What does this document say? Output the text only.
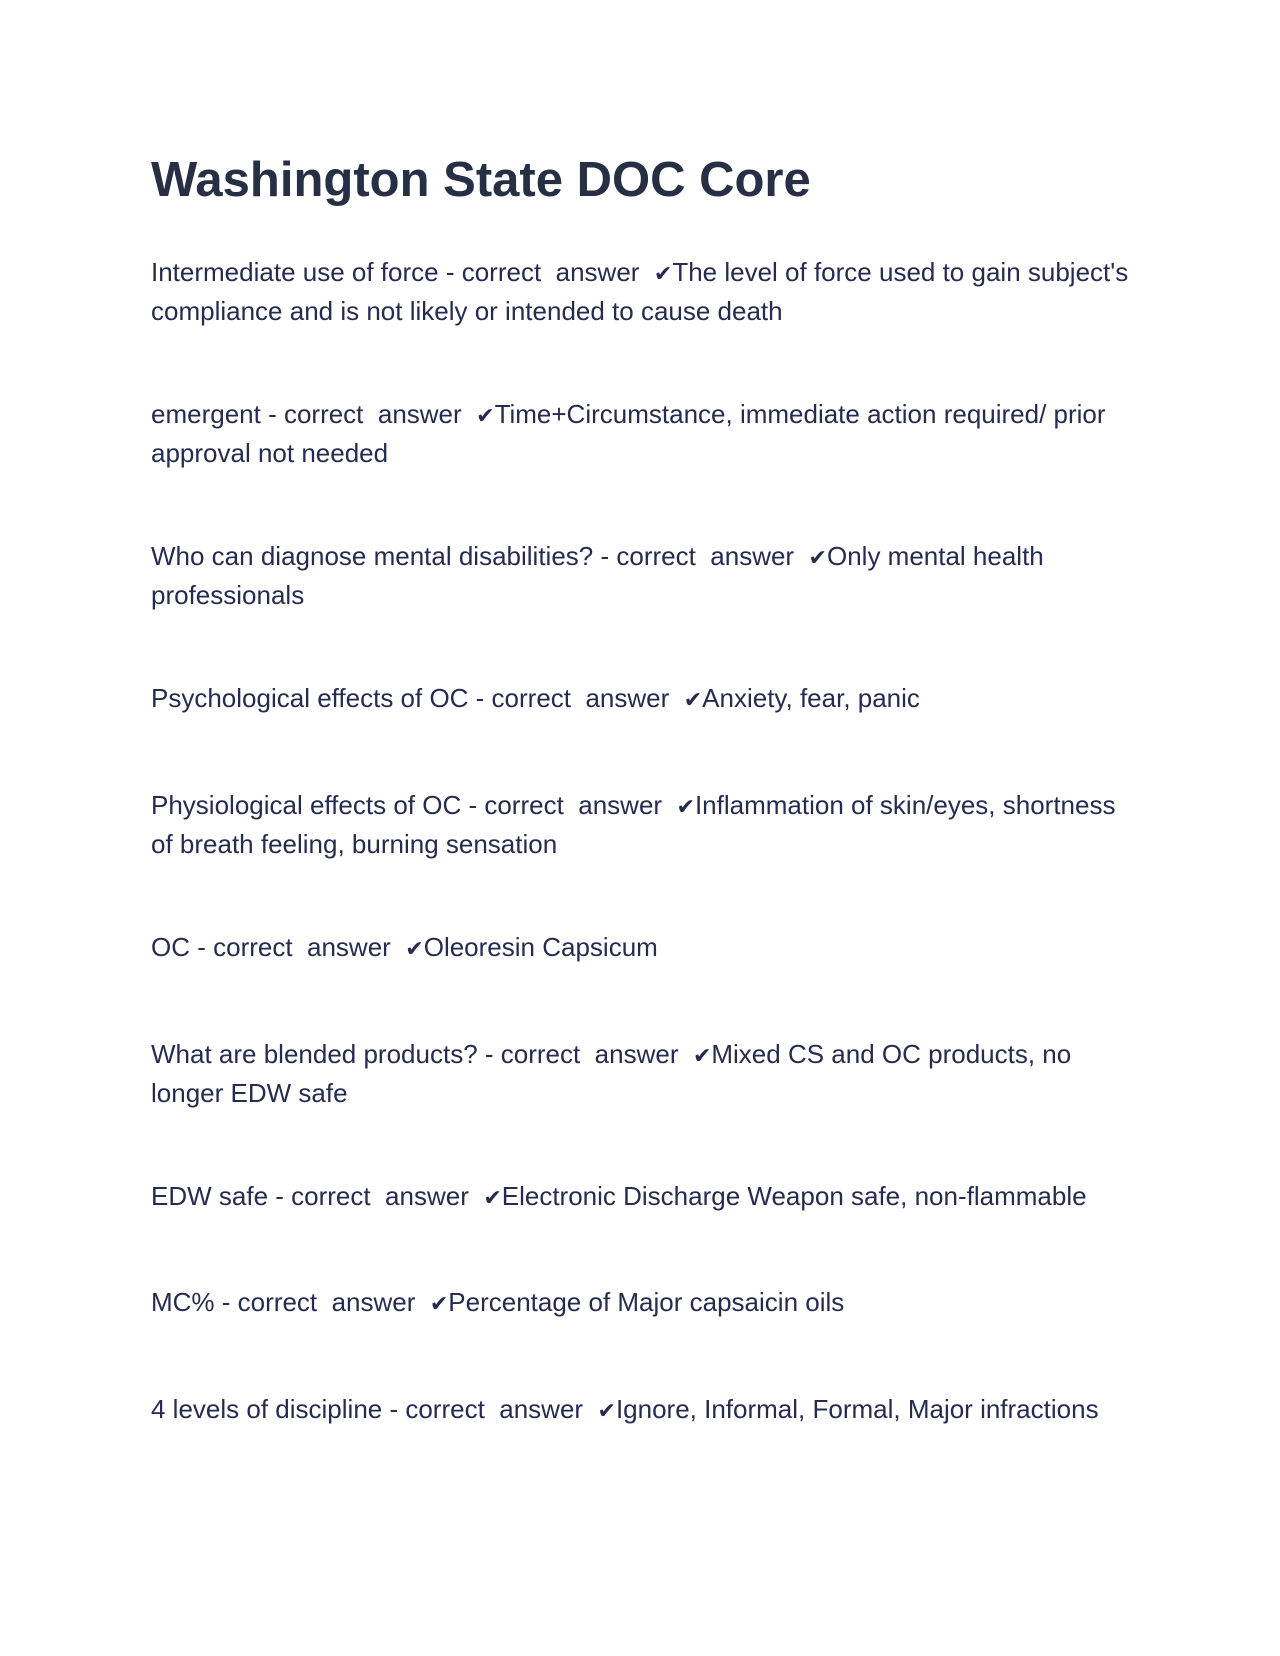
Washington State DOC Core

Intermediate use of force - correct  answer  ✔The level of force used to gain subject's compliance and is not likely or intended to cause death

emergent - correct  answer  ✔Time+Circumstance, immediate action required/ prior approval not needed

Who can diagnose mental disabilities? - correct  answer  ✔Only mental health professionals

Psychological effects of OC - correct  answer  ✔Anxiety, fear, panic

Physiological effects of OC - correct  answer  ✔Inflammation of skin/eyes, shortness of breath feeling, burning sensation

OC - correct  answer  ✔Oleoresin Capsicum

What are blended products? - correct  answer  ✔Mixed CS and OC products, no longer EDW safe

EDW safe - correct  answer  ✔Electronic Discharge Weapon safe, non-flammable

MC% - correct  answer  ✔Percentage of Major capsaicin oils

4 levels of discipline - correct  answer  ✔Ignore, Informal, Formal, Major infractions
